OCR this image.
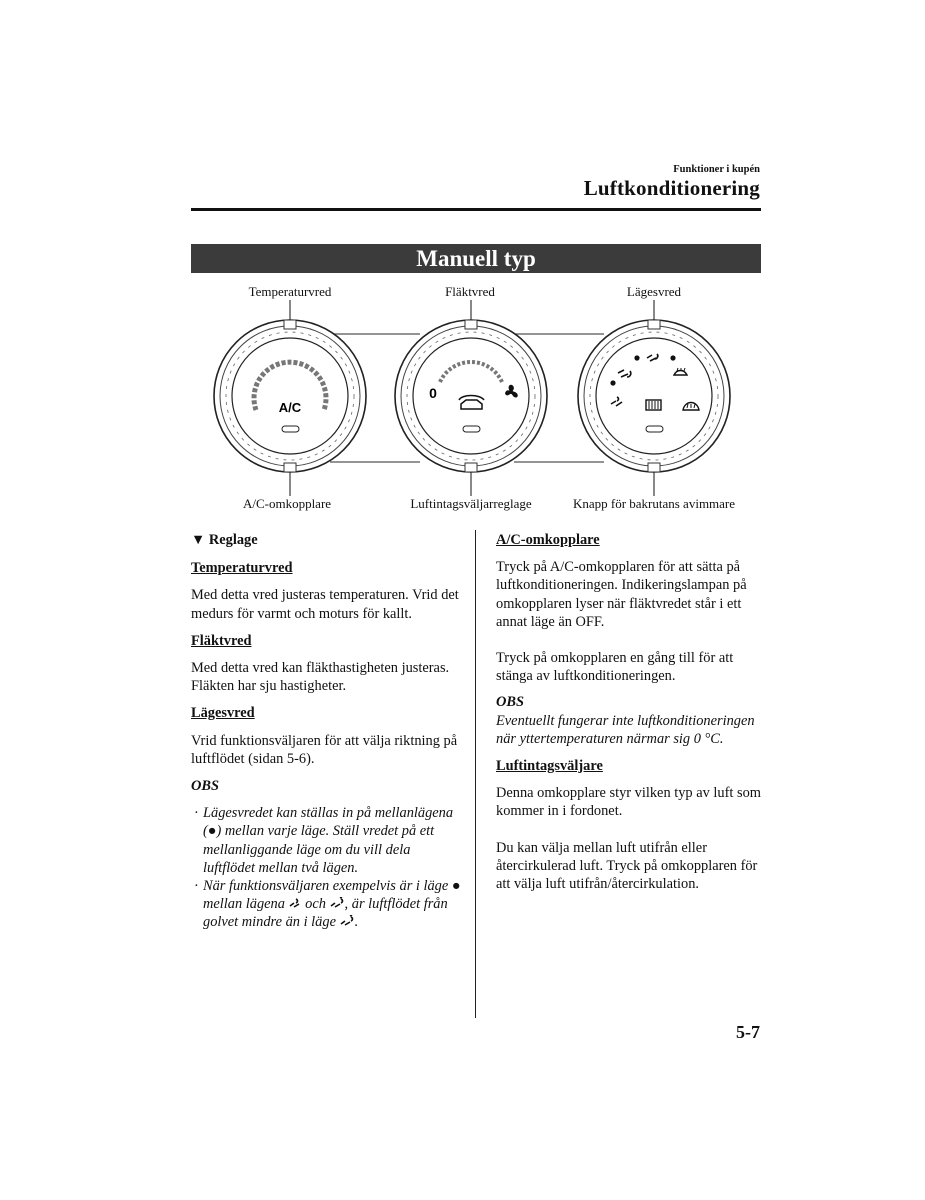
Funktioner i kupén
Luftkonditionering
Manuell typ
Temperaturvred	Fläktvred	Lägesvred
A/C-omkopplare	Luftintagsväljarreglage	Knapp för bakrutans avimmare
A/C
0

▼ Reglage

Temperaturvred

Med detta vred justeras temperaturen. Vrid det medurs för varmt och moturs för kallt.

Fläktvred

Med detta vred kan fläkthastigheten justeras.

Fläkten har sju hastigheter.

Lägesvred

Vrid funktionsväljaren för att välja riktning på luftflödet (sidan 5-6).

OBS

· Lägesvredet kan ställas in på mellanlägena (●) mellan varje läge. Ställ vredet på ett mellanliggande läge om du vill dela luftflödet mellan två lägen.
· När funktionsväljaren exempelvis är i läge ● mellan lägena och , är luftflödet från golvet mindre än i läge .

A/C-omkopplare

Tryck på A/C-omkopplaren för att sätta på luftkonditioneringen. Indikeringslampan på omkopplaren lyser när fläktvredet står i ett annat läge än OFF.

Tryck på omkopplaren en gång till för att stänga av luftkonditioneringen.

OBS

Eventuellt fungerar inte luftkonditioneringen när yttertemperaturen närmar sig 0 °C.

Luftintagsväljare

Denna omkopplare styr vilken typ av luft som kommer in i fordonet.

Du kan välja mellan luft utifrån eller återcirkulerad luft. Tryck på omkopplaren för att välja luft utifrån/återcirkulation.

5-7
